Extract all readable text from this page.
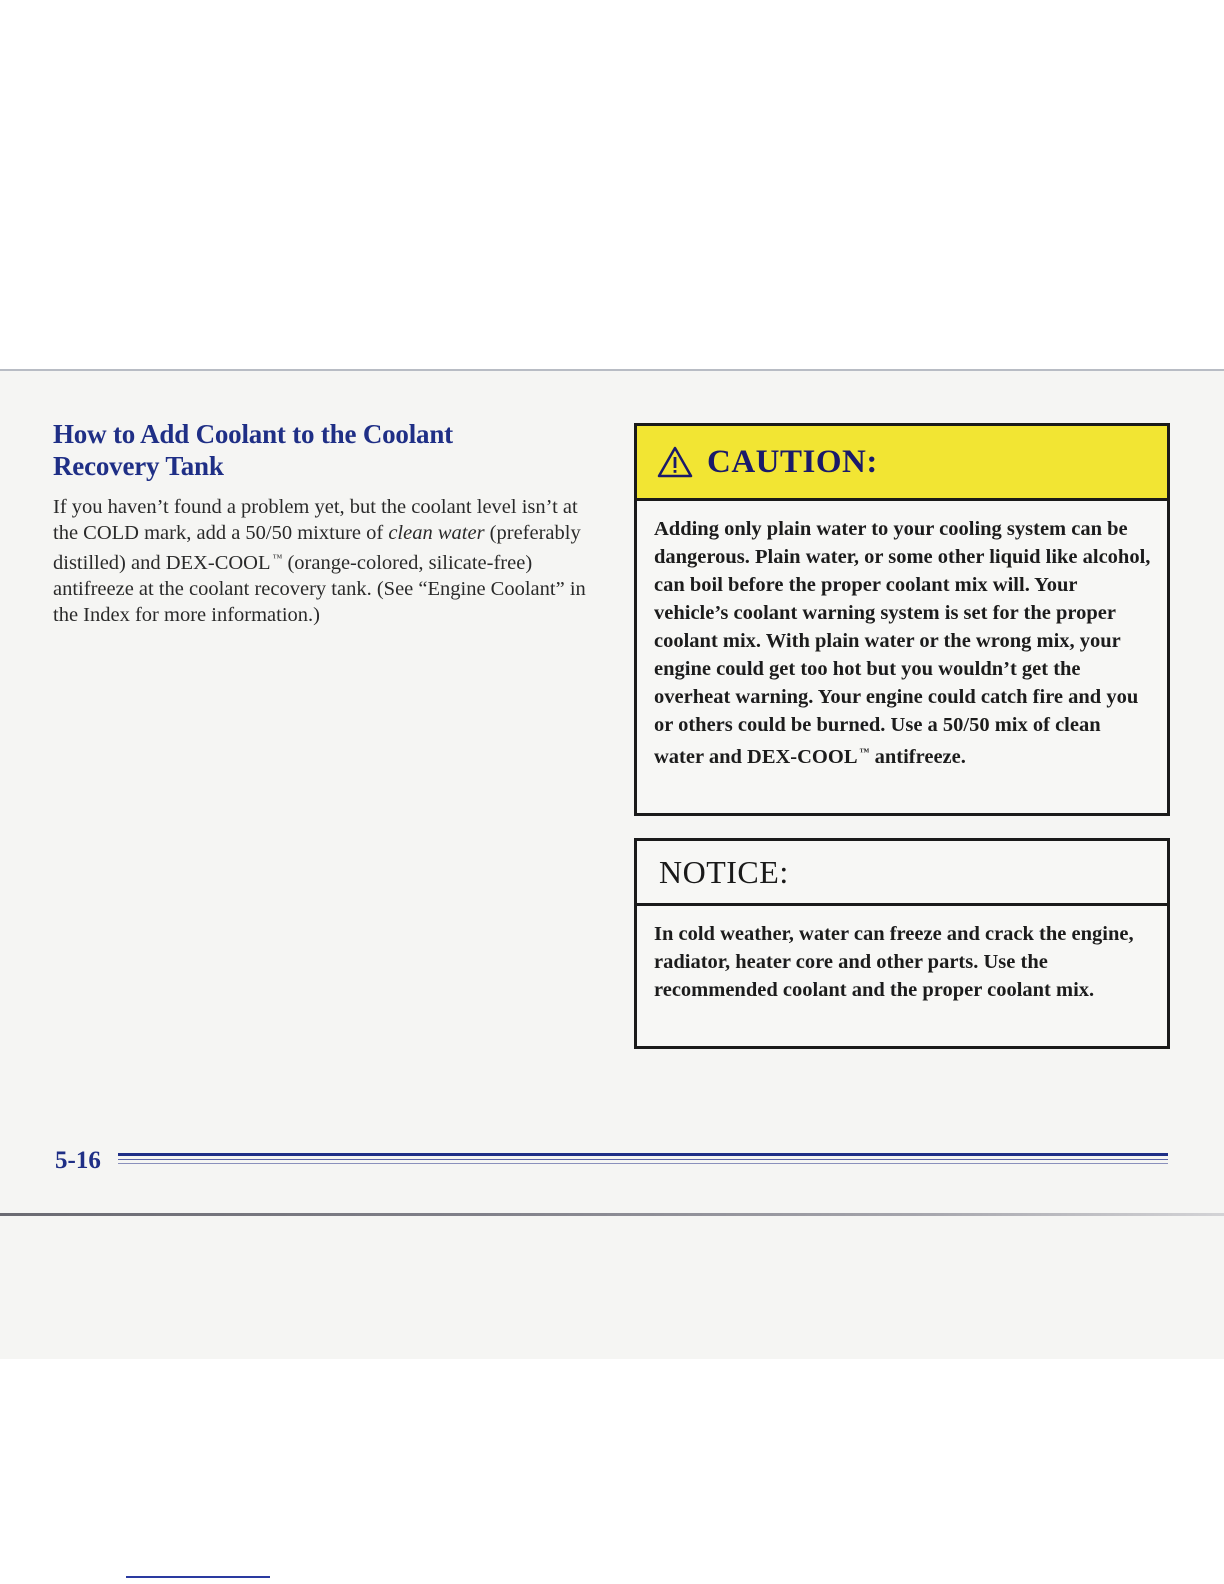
How to Add Coolant to the Coolant
Recovery Tank

If you haven’t found a problem yet, but the coolant level isn’t at the COLD mark, add a 50/50 mixture of clean water (preferably distilled) and DEX-COOL ™ (orange-colored, silicate-free) antifreeze at the coolant recovery tank. (See “Engine Coolant” in the Index for more information.)

CAUTION:
Adding only plain water to your cooling system can be dangerous. Plain water, or some other liquid like alcohol, can boil before the proper coolant mix will. Your vehicle’s coolant warning system is set for the proper coolant mix. With plain water or the wrong mix, your engine could get too hot but you wouldn’t get the overheat warning. Your engine could catch fire and you or others could be burned. Use a 50/50 mix of clean water and DEX-COOL ™ antifreeze.
NOTICE:
In cold weather, water can freeze and crack the engine, radiator, heater core and other parts. Use the recommended coolant and the proper coolant mix.
5-16
